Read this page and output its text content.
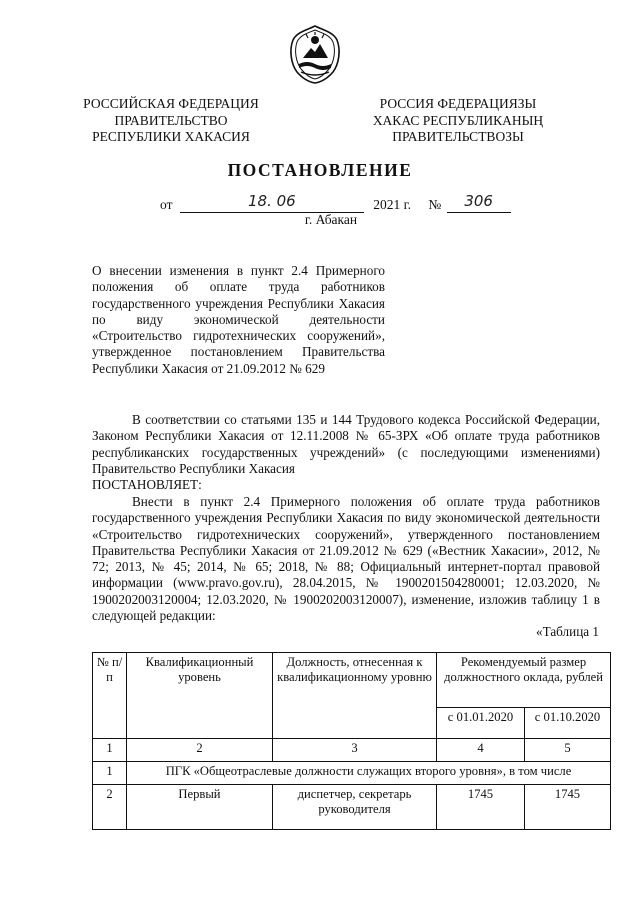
РОССИЙСКАЯ ФЕДЕРАЦИЯ
ПРАВИТЕЛЬСТВО
РЕСПУБЛИКИ ХАКАСИЯ
РОССИЯ ФЕДЕРАЦИЯЗЫ
ХАКАС РЕСПУБЛИКАНЫҢ
ПРАВИТЕЛЬСТВОЗЫ
ПОСТАНОВЛЕНИЕ
от	18. 06	2021 г. № 306
г. Абакан
О внесении изменения в пункт 2.4 Примерного положения об оплате труда работников государственного учреждения Республики Хакасия по виду экономической деятельности «Строительство гидротехнических сооружений», утвержденное постановлением Правительства Республики Хакасия от 21.09.2012 № 629
В соответствии со статьями 135 и 144 Трудового кодекса Российской Федерации, Законом Республики Хакасия от 12.11.2008 № 65-ЗРХ «Об оплате труда работников республиканских государственных учреждений» (с последующими изменениями) Правительство Республики Хакасия
ПОСТАНОВЛЯЕТ:
Внести в пункт 2.4 Примерного положения об оплате труда работников государственного учреждения Республики Хакасия по виду экономической деятельности «Строительство гидротехнических сооружений», утвержденного постановлением Правительства Республики Хакасия от 21.09.2012 № 629 («Вестник Хакасии», 2012, № 72; 2013, № 45; 2014, № 65; 2018, № 88; Официальный интернет-портал правовой информации (www.pravo.gov.ru), 28.04.2015, № 1900201504280001; 12.03.2020, № 1900202003120004; 12.03.2020, № 1900202003120007), изменение, изложив таблицу 1 в следующей редакции:
«Таблица 1
№ п/п	Квалификационный уровень	Должность, отнесенная к квалификационному уровню	Рекомендуемый размер должностного оклада, рублей	
			с 01.01.2020	с 01.10.2020
1	2	3	4	5
1	ПГК «Общеотраслевые должности служащих второго уровня», в том числе			
2	Первый	диспетчер, секретарь руководителя	1745	1745
